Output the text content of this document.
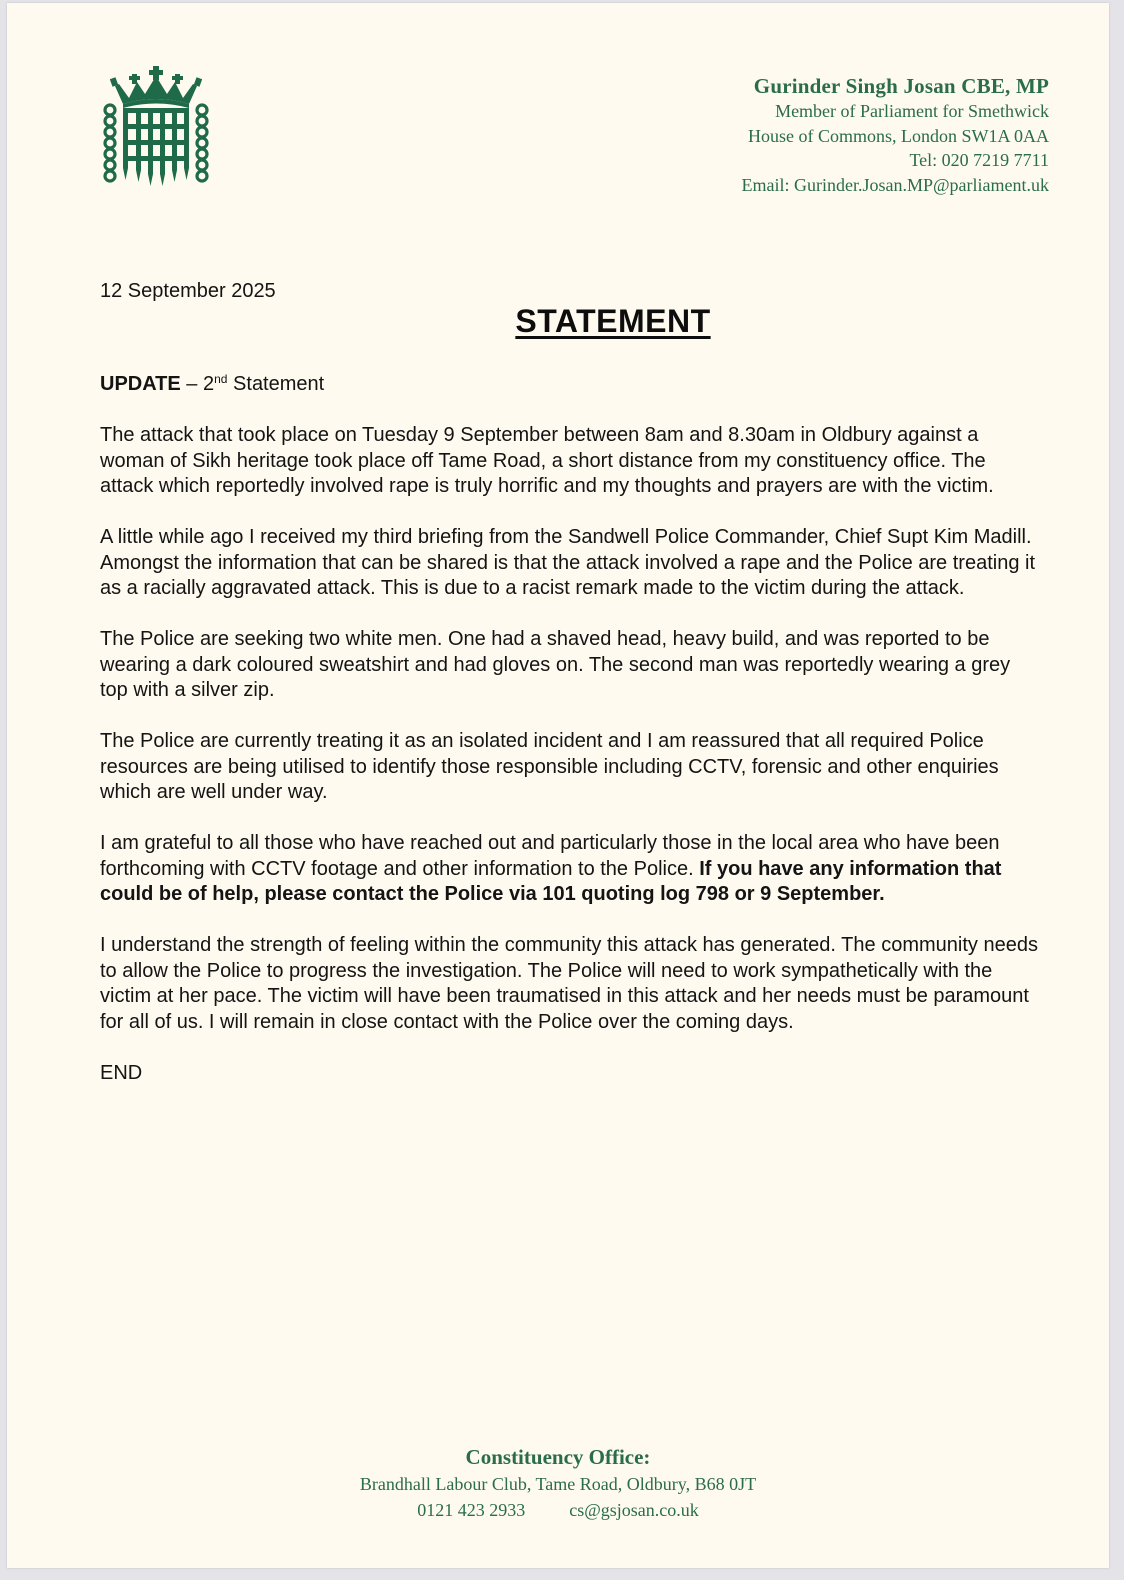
Gurinder Singh Josan CBE, MP
Member of Parliament for Smethwick
House of Commons, London SW1A 0AA
Tel: 020 7219 7711
Email: Gurinder.Josan.MP@parliament.uk
12 September 2025
STATEMENT
UPDATE – 2nd Statement

The attack that took place on Tuesday 9 September between 8am and 8.30am in Oldbury against a woman of Sikh heritage took place off Tame Road, a short distance from my constituency office. The attack which reportedly involved rape is truly horrific and my thoughts and prayers are with the victim.

A little while ago I received my third briefing from the Sandwell Police Commander, Chief Supt Kim Madill. Amongst the information that can be shared is that the attack involved a rape and the Police are treating it as a racially aggravated attack. This is due to a racist remark made to the victim during the attack.

The Police are seeking two white men. One had a shaved head, heavy build, and was reported to be wearing a dark coloured sweatshirt and had gloves on. The second man was reportedly wearing a grey top with a silver zip.

The Police are currently treating it as an isolated incident and I am reassured that all required Police resources are being utilised to identify those responsible including CCTV, forensic and other enquiries which are well under way.

I am grateful to all those who have reached out and particularly those in the local area who have been forthcoming with CCTV footage and other information to the Police. If you have any information that could be of help, please contact the Police via 101 quoting log 798 or 9 September.

I understand the strength of feeling within the community this attack has generated. The community needs to allow the Police to progress the investigation. The Police will need to work sympathetically with the victim at her pace. The victim will have been traumatised in this attack and her needs must be paramount for all of us. I will remain in close contact with the Police over the coming days.

END

Constituency Office:
Brandhall Labour Club, Tame Road, Oldbury, B68 0JT
0121 423 2933 cs@gsjosan.co.uk
